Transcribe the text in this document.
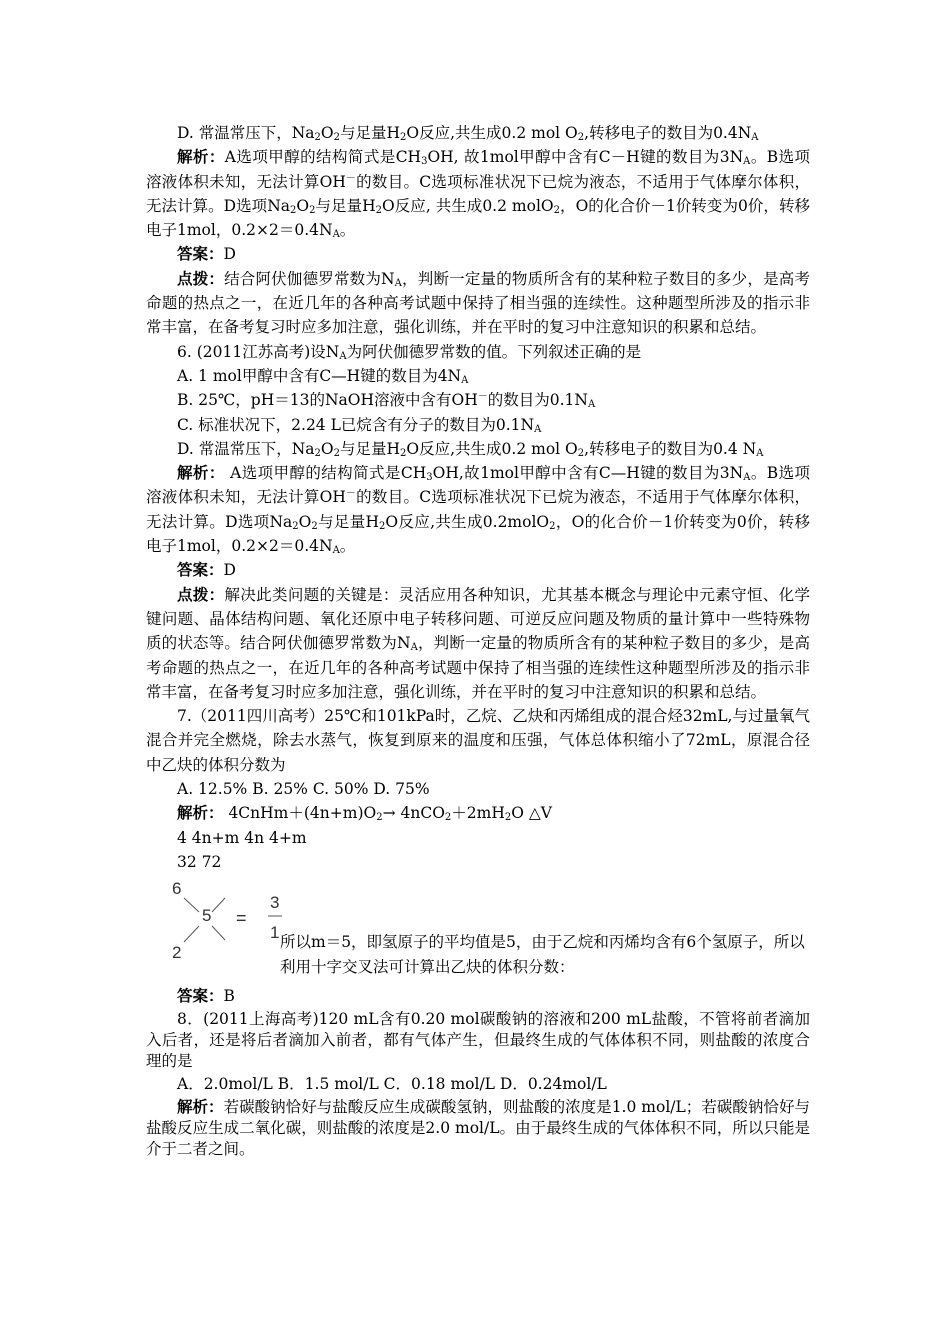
D. 常温常压下，$Na_2O_2$与足量$H_2O$反应,共生成0.2 mol $O_2$,转移电子的数目为$0.4N_A$

解析：A选项甲醇的结构简式是$CH_3OH$, 故1mol甲醇中含有C－H键的数目为$3N_A$。B选项溶液体积未知，无法计算OH－的数目。C选项标准状况下已烷为液态，不适用于气体摩尔体积，无法计算。D选项$Na_2O_2$与足量$H_2O$反应, 共生成0.2 molO$_2$，O的化合价－1价转变为0价，转移电子1mol，$0.2\times 2=0.4N_A$。

答案：D

点拨：结合阿伏伽德罗常数为$N_A$，判断一定量的物质所含有的某种粒子数目的多少，是高考命题的热点之一，在近几年的各种高考试题中保持了相当强的连续性。这种题型所涉及的指示非常丰富，在备考复习时应多加注意，强化训练，并在平时的复习中注意知识的积累和总结。

6. (2011江苏高考)设$N_A$为阿伏伽德罗常数的值。下列叙述正确的是

A. 1 mol甲醇中含有C—H键的数目为$4N_A$

B. 25℃，pH＝13的NaOH溶液中含有OH－的数目为$0.1N_A$

C. 标准状况下，2.24 L已烷含有分子的数目为$0.1N_A$

D. 常温常压下，$Na_2O_2$与足量$H_2O$反应,共生成0.2 mol $O_2$,转移电子的数目为0.4 $N_A$

解析： A选项甲醇的结构简式是$CH_3OH$,故1mol甲醇中含有C—H键的数目为$3N_A$。B选项溶液体积未知，无法计算OH－的数目。C选项标准状况下已烷为液态，不适用于气体摩尔体积，无法计算。D选项$Na_2O_2$与足量$H_2O$反应,共生成0.2molO$_2$，O的化合价－1价转变为0价，转移电子1mol，$0.2\times 2=0.4N_A$。

答案：D

点拨：解决此类问题的关键是：灵活应用各种知识，尤其基本概念与理论中元素守恒、化学键问题、晶体结构问题、氧化还原中电子转移问题、可逆反应问题及物质的量计算中一些特殊物质的状态等。结合阿伏伽德罗常数为$N_A$，判断一定量的物质所含有的某种粒子数目的多少，是高考命题的热点之一，在近几年的各种高考试题中保持了相当强的连续性这种题型所涉及的指示非常丰富，在备考复习时应多加注意，强化训练，并在平时的复习中注意知识的积累和总结。

7.（2011四川高考）25℃和101kPa时，乙烷、乙炔和丙烯组成的混合烃32mL,与过量氧气混合并完全燃烧，除去水蒸气，恢复到原来的温度和压强，气体总体积缩小了72mL，原混合径中乙炔的体积分数为

A. 12.5% B. 25% C. 50% D. 75%

解析： $4CnHm+(4n+m)O_2\to 4nCO_2+2mH_2O$ △V

4 4n+m 4n 4+m

32 72

6
5
2
=
3
1 所以m＝5，即氢原子的平均值是5，由于乙烷和丙烯均含有6个氢原子，所以利用十字交叉法可计算出乙炔的体积分数：

答案：B

8．(2011上海高考)120 mL含有0.20 mol碳酸钠的溶液和200 mL盐酸，不管将前者滴加入后者，还是将后者滴加入前者，都有气体产生，但最终生成的气体体积不同，则盐酸的浓度合理的是

A．2.0mol/L B．1.5 mol/L C．0.18 mol/L D．0.24mol/L

解析：若碳酸钠恰好与盐酸反应生成碳酸氢钠，则盐酸的浓度是1.0 mol/L；若碳酸钠恰好与盐酸反应生成二氧化碳，则盐酸的浓度是2.0 mol/L。由于最终生成的气体体积不同，所以只能是介于二者之间。
